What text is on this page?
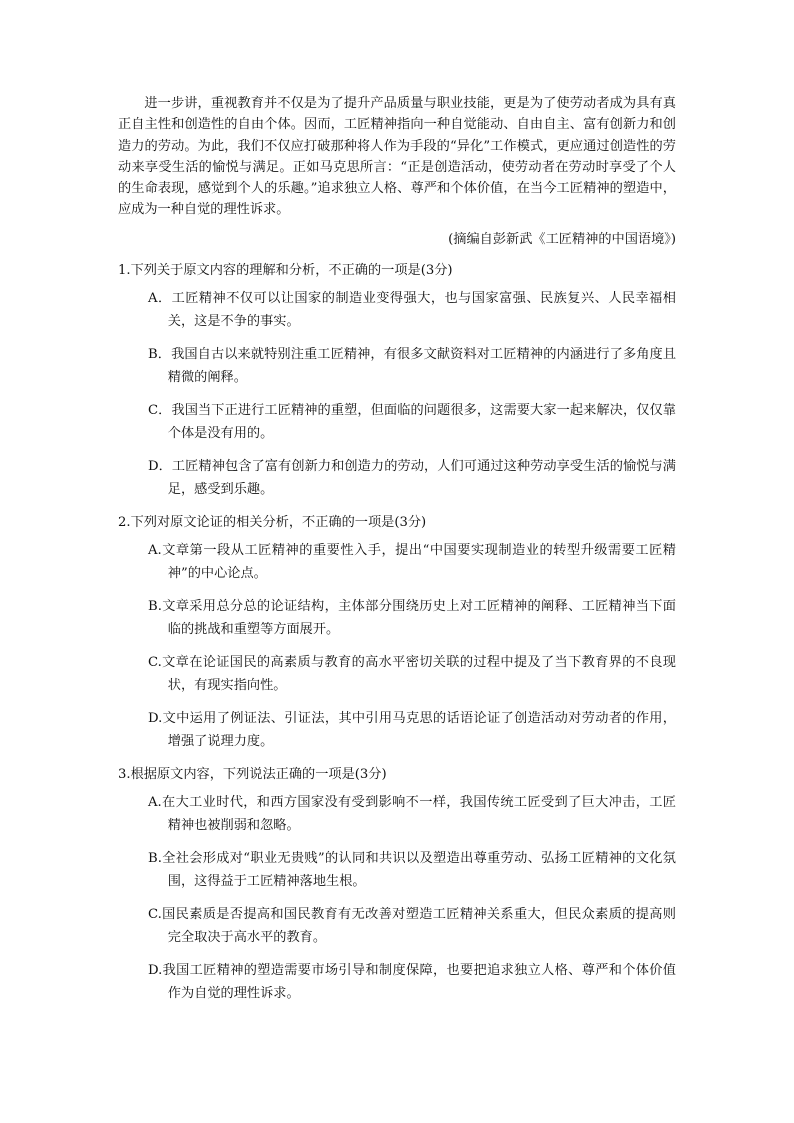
进一步讲，重视教育并不仅是为了提升产品质量与职业技能，更是为了使劳动者成为具有真正自主性和创造性的自由个体。因而，工匠精神指向一种自觉能动、自由自主、富有创新力和创造力的劳动。为此，我们不仅应打破那种将人作为手段的“异化”工作模式，更应通过创造性的劳动来享受生活的愉悦与满足。正如马克思所言：“正是创造活动，使劳动者在劳动时享受了个人的生命表现，感觉到个人的乐趣。”追求独立人格、尊严和个体价值，在当今工匠精神的塑造中，应成为一种自觉的理性诉求。

(摘编自彭新武《工匠精神的中国语境》)

1.下列关于原文内容的理解和分析，不正确的一项是(3分)

A．工匠精神不仅可以让国家的制造业变得强大，也与国家富强、民族复兴、人民幸福相关，这是不争的事实。
B．我国自古以来就特别注重工匠精神，有很多文献资料对工匠精神的内涵进行了多角度且精微的阐释。
C．我国当下正进行工匠精神的重塑，但面临的问题很多，这需要大家一起来解决，仅仅靠个体是没有用的。
D．工匠精神包含了富有创新力和创造力的劳动，人们可通过这种劳动享受生活的愉悦与满足，感受到乐趣。

2.下列对原文论证的相关分析，不正确的一项是(3分)

A.文章第一段从工匠精神的重要性入手，提出“中国要实现制造业的转型升级需要工匠精神”的中心论点。
B.文章采用总分总的论证结构，主体部分围绕历史上对工匠精神的阐释、工匠精神当下面临的挑战和重塑等方面展开。
C.文章在论证国民的高素质与教育的高水平密切关联的过程中提及了当下教育界的不良现状，有现实指向性。
D.文中运用了例证法、引证法，其中引用马克思的话语论证了创造活动对劳动者的作用，增强了说理力度。

3.根据原文内容，下列说法正确的一项是(3分)

A.在大工业时代，和西方国家没有受到影响不一样，我国传统工匠受到了巨大冲击，工匠精神也被削弱和忽略。
B.全社会形成对“职业无贵贱”的认同和共识以及塑造出尊重劳动、弘扬工匠精神的文化氛围，这得益于工匠精神落地生根。
C.国民素质是否提高和国民教育有无改善对塑造工匠精神关系重大，但民众素质的提高则完全取决于高水平的教育。
D.我国工匠精神的塑造需要市场引导和制度保障，也要把追求独立人格、尊严和个体价值作为自觉的理性诉求。
